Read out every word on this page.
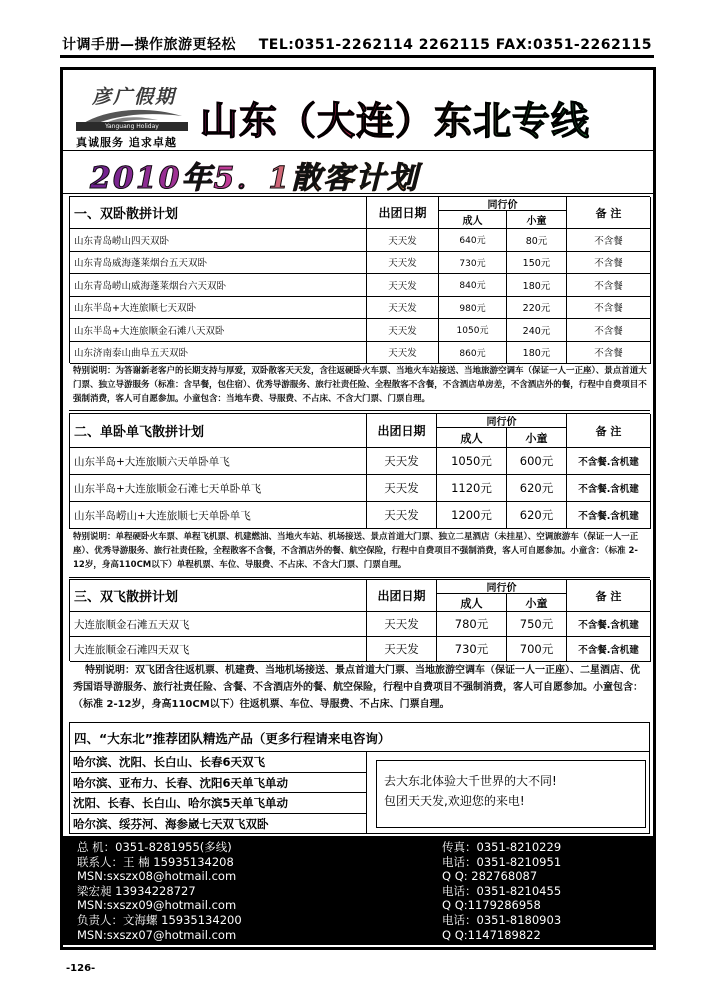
计调手册—操作旅游更轻松 TEL:0351-2262114 2262115 FAX:0351-2262115
彦广假期
Yanguang Holiday
真诚服务 追求卓越 山东（大连）东北专线
2010年5．1散客计划
一、双卧散拼计划	出团日期
同行价
成人	小童
备 注
山东青岛崂山四天双卧	天天发	640元	80元	不含餐
山东青岛威海蓬莱烟台五天双卧	天天发	730元	150元	不含餐
山东青岛崂山威海蓬莱烟台六天双卧	天天发	840元	180元	不含餐
山东半岛+大连旅顺七天双卧	天天发	980元	220元	不含餐
山东半岛+大连旅顺金石滩八天双卧	天天发	1050元	240元	不含餐
山东济南泰山曲阜五天双卧	天天发	860元	180元	不含餐
特别说明：为答谢新老客户的长期支持与厚爱，双卧散客天天发，含往返硬卧火车票、当地火车站接送、当地旅游空调车（保证一人一正座）、景点首道大门票、独立导游服务（标准：含早餐，包住宿）、优秀导游服务、旅行社责任险、全程散客不含餐，不含酒店单房差，不含酒店外的餐，行程中自费项目不强制消费，客人可自愿参加。小童包含：当地车费、导服费、不占床、不含大门票、门票自理。
二、单卧单飞散拼计划	出团日期
同行价
成人	小童
备 注
山东半岛+大连旅顺六天单卧单飞	天天发	1050元	600元	不含餐.含机建
山东半岛+大连旅顺金石滩七天单卧单飞	天天发	1120元	620元	不含餐.含机建
山东半岛崂山+大连旅顺七天单卧单飞	天天发	1200元	620元	不含餐.含机建
特别说明：单程硬卧火车票、单程飞机票、机建燃油、当地火车站、机场接送、景点首道大门票、独立二星酒店（未挂星）、空调旅游车（保证一人一正座）、优秀导游服务、旅行社责任险，全程散客不含餐，不含酒店外的餐、航空保险，行程中自费项目不强制消费，客人可自愿参加。小童含：（标准 2-12岁，身高110CM以下）单程机票、车位、导服费、不占床、不含大门票、门票自理。
三、双飞散拼计划	出团日期
同行价
成人	小童
备 注
大连旅顺金石滩五天双飞	天天发	780元	750元	不含餐.含机建
大连旅顺金石滩四天双飞	天天发	730元	700元	不含餐.含机建
特别说明：双飞团含往返机票、机建费、当地机场接送、景点首道大门票、当地旅游空调车（保证一人一正座）、二星酒店、优秀国语导游服务、旅行社责任险、含餐、不含酒店外的餐、航空保险，行程中自费项目不强制消费，客人可自愿参加。小童包含：（标准 2-12岁，身高110CM以下）往返机票、车位、导服费、不占床、门票自理。
四、“大东北”推荐团队精选产品（更多行程请来电咨询）
哈尔滨、沈阳、长白山、长春6天双飞
哈尔滨、亚布力、长春、沈阳6天单飞单动
沈阳、长春、长白山、哈尔滨5天单飞单动
哈尔滨、绥芬河、海参崴七天双飞双卧
去大东北体验大千世界的大不同!
包团天天发,欢迎您的来电!
总 机：0351-8281955(多线)
联系人：王 楠 15935134208
MSN:sxszx08@hotmail.com
梁宏昶 13934228727
MSN:sxszx09@hotmail.com
负责人：文海螺 15935134200
MSN:sxszx07@hotmail.com
传真：0351-8210229
电话：0351-8210951
Q Q: 282768087
电话：0351-8210455
Q Q:1179286958
电话：0351-8180903
Q Q:1147189822
-126-
